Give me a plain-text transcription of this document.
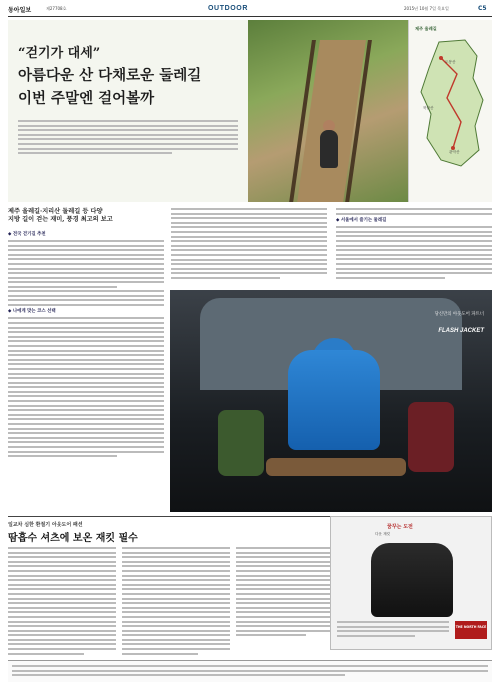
동아일보	제27708호	OUTDOOR	2015년 10월 7일 목요일	C5
“걷기가 대세”
아름다운 산 다채로운 둘레길
이번 주말엔 걸어볼까
제주 올레길
도봉산
북한산
관악산
제주 올레길·지리산 둘레길 등 다양
지방 길이 걷는 재미, 풍경 최고의 보고
◆ 전국 걷기길 추천
◆ 서울에서 즐기는 둘레길
◆ 나에게 맞는 코스 선택
당신만의 아웃도어 파트너
FLASH JACKET
일교차 심한 환절기 아웃도어 패션
땀흡수 셔츠에 보온 재킷 필수
꿈꾸는 도전
다운 재킷
THE NORTH FACE
